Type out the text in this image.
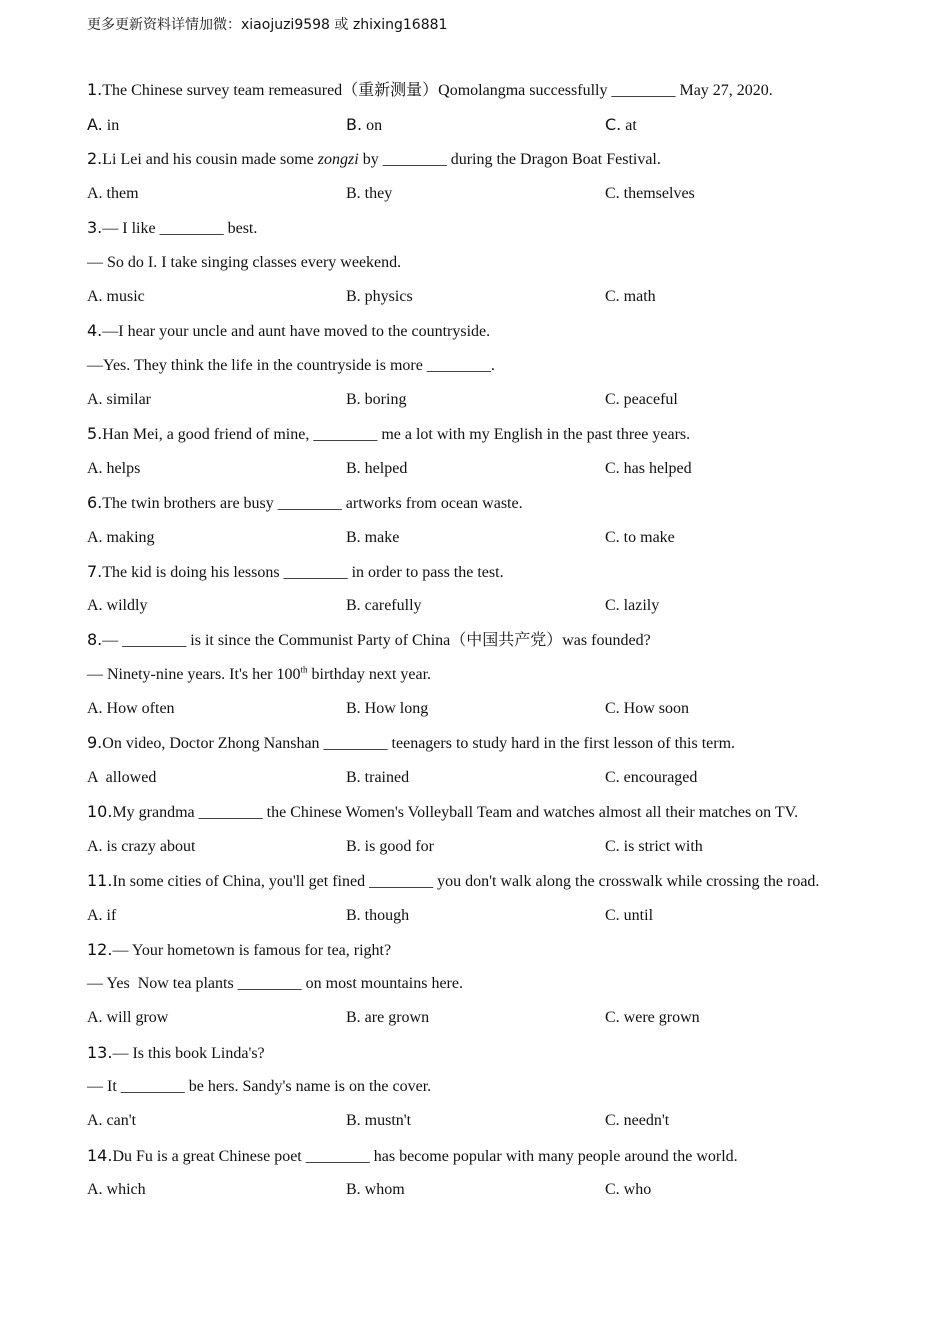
更多更新资料详情加微：xiaojuzi9598 或 zhixing16881
1.The Chinese survey team remeasured（重新测量）Qomolangma successfully ________ May 27, 2020.
A. in	B. on	C. at
2.Li Lei and his cousin made some zongzi by ________ during the Dragon Boat Festival.
A. them	B. they	C. themselves
3.— I like ________ best.
— So do I. I take singing classes every weekend.
A. music	B. physics	C. math
4.—I hear your uncle and aunt have moved to the countryside.
—Yes. They think the life in the countryside is more ________.
A. similar	B. boring	C. peaceful
5.Han Mei, a good friend of mine, ________ me a lot with my English in the past three years.
A. helps	B. helped	C. has helped
6.The twin brothers are busy ________ artworks from ocean waste.
A. making	B. make	C. to make
7.The kid is doing his lessons ________ in order to pass the test.
A. wildly	B. carefully	C. lazily
8.— ________ is it since the Communist Party of China（中国共产党）was founded?
— Ninety-nine years. It's her 100th birthday next year.
A. How often	B. How long	C. How soon
9.On video, Doctor Zhong Nanshan ________ teenagers to study hard in the first lesson of this term.
A  allowed	B. trained	C. encouraged
10.My grandma ________ the Chinese Women's Volleyball Team and watches almost all their matches on TV.
A. is crazy about	B. is good for	C. is strict with
11.In some cities of China, you'll get fined ________ you don't walk along the crosswalk while crossing the road.
A. if	B. though	C. until
12.— Your hometown is famous for tea, right?
— Yes  Now tea plants ________ on most mountains here.
A. will grow	B. are grown	C. were grown
13.— Is this book Linda's?
— It ________ be hers. Sandy's name is on the cover.
A. can't	B. mustn't	C. needn't
14.Du Fu is a great Chinese poet ________ has become popular with many people around the world.
A. which	B. whom	C. who
